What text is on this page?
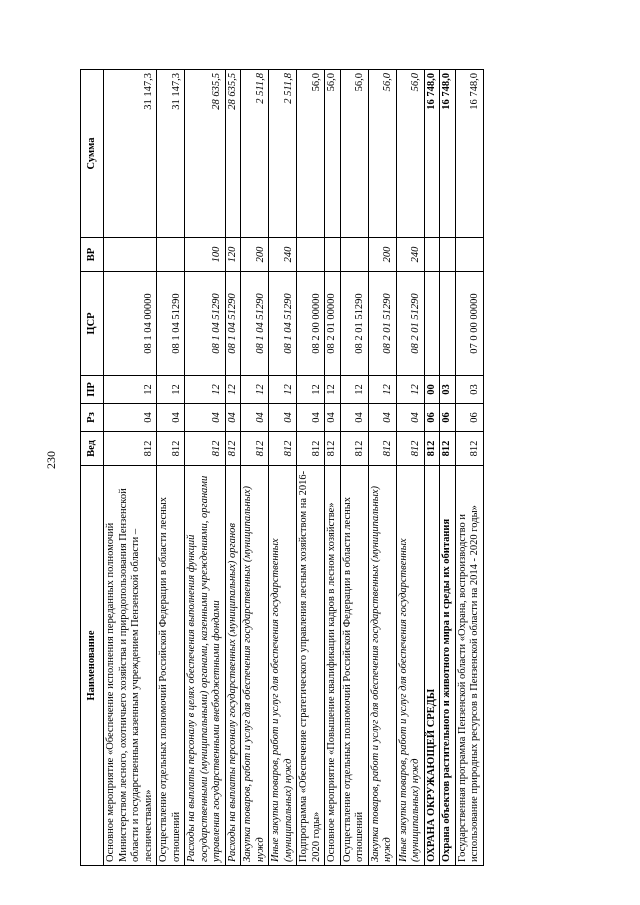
230
Наименование	Вед	Рз	ПР	ЦСР	ВР	Сумма
Основное мероприятие «Обеспечение исполнения переданных полномочий Министерством лесного, охотничьего хозяйства и природопользования Пензенской области и государственным казенным учреждением Пензенской области – лесничествами»	812	04	12	08 1 04 00000		31 147,3
Осуществление отдельных полномочий Российской Федерации в области лесных отношений	812	04	12	08 1 04 51290		31 147,3
Расходы на выплаты персоналу в целях обеспечения выполнения функций государственными (муниципальными) органами, казенными учреждениями, органами управления государственными внебюджетными фондами	812	04	12	08 1 04 51290	100	28 635,5
Расходы на выплаты персоналу государственных (муниципальных) органов	812	04	12	08 1 04 51290	120	28 635,5
Закупка товаров, работ и услуг для обеспечения государственных (муниципальных) нужд	812	04	12	08 1 04 51290	200	2 511,8
Иные закупки товаров, работ и услуг для обеспечения государственных (муниципальных) нужд	812	04	12	08 1 04 51290	240	2 511,8
Подпрограмма «Обеспечение стратегического управления лесным хозяйством на 2016-2020 годы»	812	04	12	08 2 00 00000		56,0
Основное мероприятие «Повышение квалификации кадров в лесном хозяйстве»	812	04	12	08 2 01 00000		56,0
Осуществление отдельных полномочий Российской Федерации в области лесных отношений	812	04	12	08 2 01 51290		56,0
Закупка товаров, работ и услуг для обеспечения государственных (муниципальных) нужд	812	04	12	08 2 01 51290	200	56,0
Иные закупки товаров, работ и услуг для обеспечения государственных (муниципальных) нужд	812	04	12	08 2 01 51290	240	56,0
ОХРАНА ОКРУЖАЮЩЕЙ СРЕДЫ	812	06	00			16 748,0
Охрана объектов растительного и животного мира и среды их обитания	812	06	03			16 748,0
Государственная программа Пензенской области «Охрана, воспроизводство и использование природных ресурсов в Пензенской области на 2014 - 2020 годы»	812	06	03	07 0 00 00000		16 748,0
